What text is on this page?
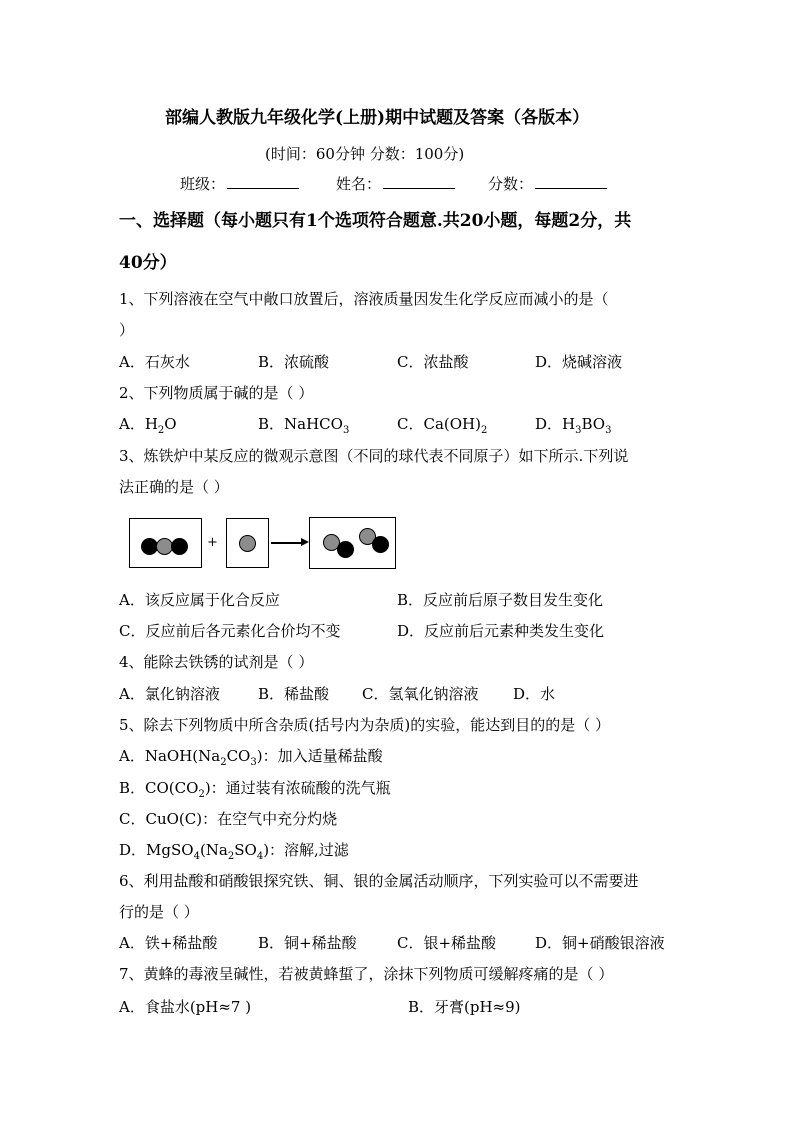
部编人教版九年级化学(上册)期中试题及答案（各版本）
(时间：60分钟 分数：100分)
班级：	姓名：	分数：
一、选择题（每小题只有1个选项符合题意.共20小题，每题2分，共
40分）
1、下列溶液在空气中敞口放置后，溶液质量因发生化学反应而减小的是（
）
A．石灰水	B．浓硫酸	C．浓盐酸	D．烧碱溶液
2、下列物质属于碱的是（ ）
A．$H_2O$	B．NaHCO$_3$	C．$Ca(OH)_2$	D．$H_3BO_3$
3、炼铁炉中某反应的微观示意图（不同的球代表不同原子）如下所示.下列说
法正确的是（ ）
+
A．该反应属于化合反应	B．反应前后原子数目发生变化
C．反应前后各元素化合价均不变	D．反应前后元素种类发生变化
4、能除去铁锈的试剂是（ ）
A．氯化钠溶液	B．稀盐酸 C．氢氧化钠溶液 D．水
5、除去下列物质中所含杂质(括号内为杂质)的实验，能达到目的的是（ ）
A．$NaOH(Na_2CO_3)$：加入适量稀盐酸
B．$CO(CO_2)$：通过装有浓硫酸的洗气瓶
C．CuO(C)：在空气中充分灼烧
D．$MgSO_4(Na_2SO_4)$：溶解,过滤
6、利用盐酸和硝酸银探究铁、铜、银的金属活动顺序，下列实验可以不需要进
行的是（ ）
A．铁+稀盐酸	B．铜+稀盐酸	C．银+稀盐酸	D．铜+硝酸银溶液
7、黄蜂的毒液呈碱性，若被黄蜂蜇了，涂抹下列物质可缓解疼痛的是（ ）
A．食盐水(pH≈7 )	B．牙膏(pH≈9)
